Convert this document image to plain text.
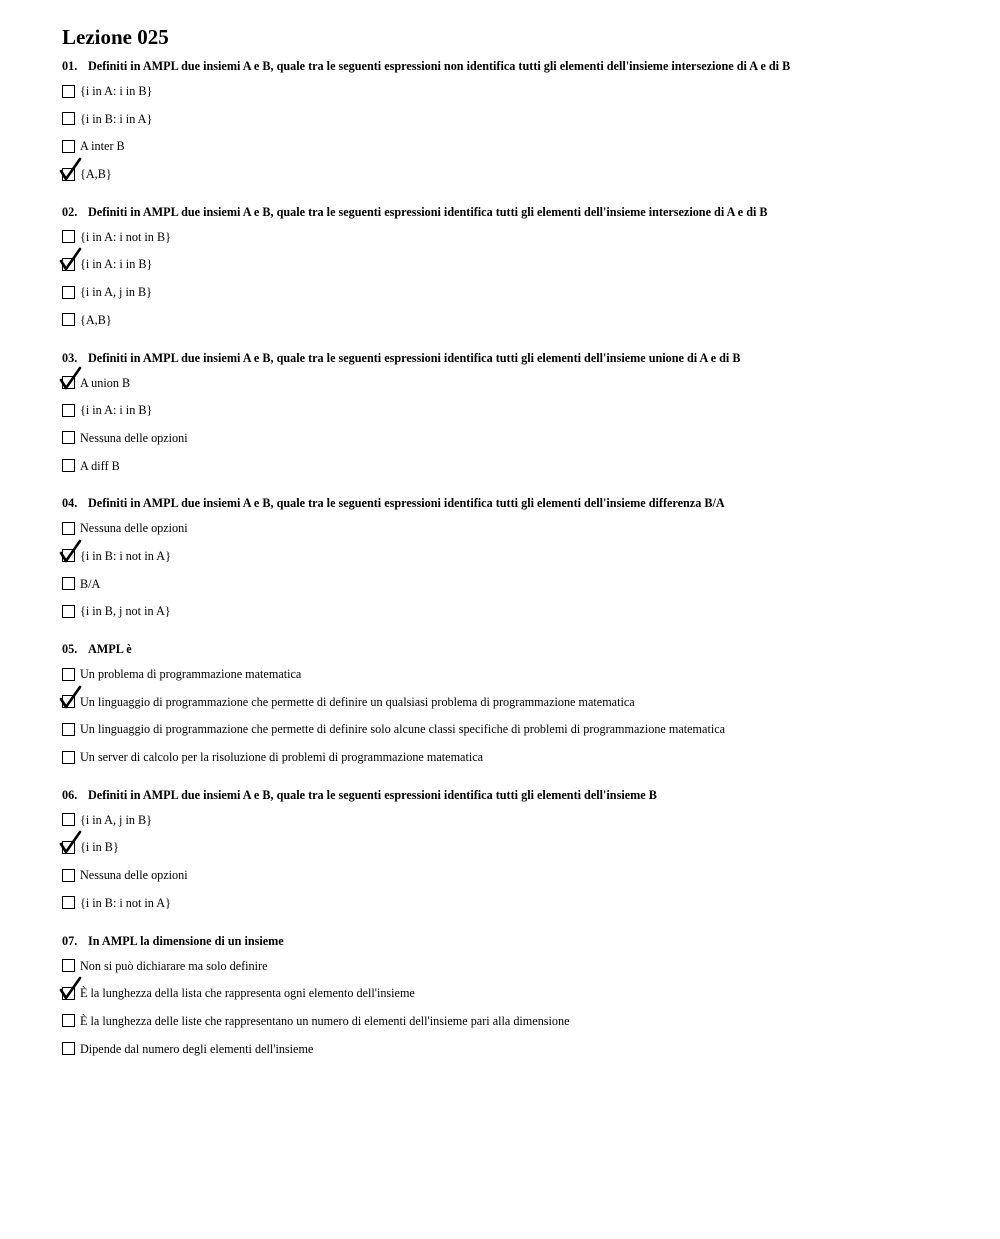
Lezione 025
01. Definiti in AMPL due insiemi A e B, quale tra le seguenti espressioni non identifica tutti gli elementi dell'insieme intersezione di A e di B
{i in A: i in B}
{i in B: i in A}
A inter B
{A,B}
02. Definiti in AMPL due insiemi A e B, quale tra le seguenti espressioni identifica tutti gli elementi dell'insieme intersezione di A e di B
{i in A: i not in B}
{i in A: i in B}
{i in A, j in B}
{A,B}
03. Definiti in AMPL due insiemi A e B, quale tra le seguenti espressioni identifica tutti gli elementi dell'insieme unione di A e di B
A union B
{i in A: i in B}
Nessuna delle opzioni
A diff B
04. Definiti in AMPL due insiemi A e B, quale tra le seguenti espressioni identifica tutti gli elementi dell'insieme differenza B/A
Nessuna delle opzioni
{i in B: i not in A}
B/A
{i in B, j not in A}
05. AMPL è
Un problema di programmazione matematica
Un linguaggio di programmazione che permette di definire un qualsiasi problema di programmazione matematica
Un linguaggio di programmazione che permette di definire solo alcune classi specifiche di problemi di programmazione matematica
Un server di calcolo per la risoluzione di problemi di programmazione matematica
06. Definiti in AMPL due insiemi A e B, quale tra le seguenti espressioni identifica tutti gli elementi dell'insieme B
{i in A, j in B}
{i in B}
Nessuna delle opzioni
{i in B: i not in A}
07. In AMPL la dimensione di un insieme
Non si può dichiarare ma solo definire
È la lunghezza della lista che rappresenta ogni elemento dell'insieme
È la lunghezza delle liste che rappresentano un numero di elementi dell'insieme pari alla dimensione
Dipende dal numero degli elementi dell'insieme
